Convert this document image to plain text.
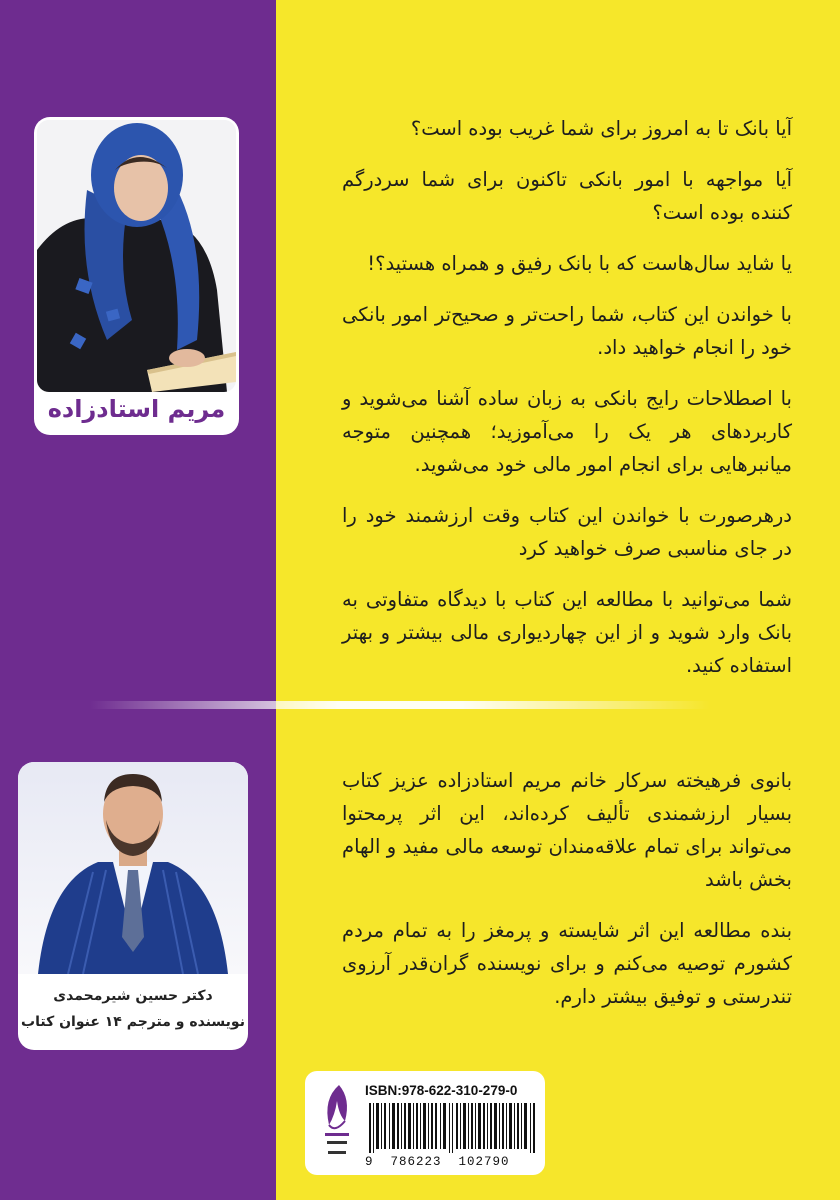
آیا بانک تا به امروز برای شما غریب بوده است؟

آیا مواجهه با امور بانکی تاکنون برای شما سردرگم کننده بوده است؟

یا شاید سال‌هاست که با بانک رفیق و همراه هستید؟!

با خواندن این کتاب، شما راحت‌تر و صحیح‌تر امور بانکی خود را انجام خواهید داد.

با اصطلاحات رایج بانکی به زبان ساده آشنا می‌شوید و کاربردهای هر یک را می‌آموزید؛ همچنین متوجه میانبرهایی برای انجام امور مالی خود می‌شوید.

درهرصورت با خواندن این کتاب وقت ارزشمند خود را در جای مناسبی صرف خواهید کرد

شما می‌توانید با مطالعه این کتاب با دیدگاه متفاوتی به بانک وارد شوید و از این چهاردیواری مالی بیشتر و بهتر استفاده کنید.

مریم استادزاده

بانوی فرهیخته سرکار خانم مریم استادزاده عزیز کتاب بسیار ارزشمندی تألیف کرده‌اند، این اثر پرمحتوا می‌تواند برای تمام علاقه‌مندان توسعه مالی مفید و الهام بخش باشد

بنده مطالعه این اثر شایسته و پرمغز را به تمام مردم کشورم توصیه می‌کنم و برای نویسنده گران‌قدر آرزوی تندرستی و توفیق بیشتر دارم.

دکتر حسین شیرمحمدی
نویسنده و مترجم ۱۴ عنوان کتاب
ISBN:978-622-310-279-0
9  786223  102790
